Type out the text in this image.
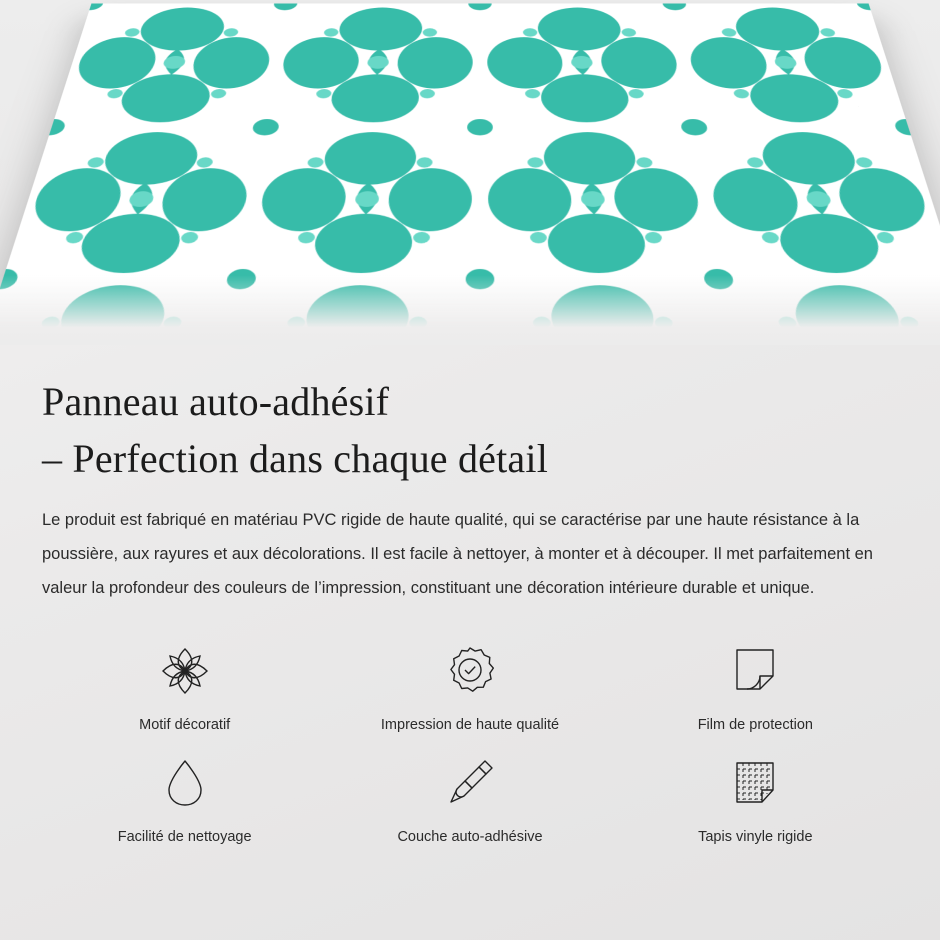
Panneau auto-adhésif
– Perfection dans chaque détail

Le produit est fabriqué en matériau PVC rigide de haute qualité, qui se caractérise par une haute résistance à la poussière, aux rayures et aux décolorations. Il est facile à nettoyer, à monter et à découper. Il met parfaitement en valeur la profondeur des couleurs de l’impression, constituant une décoration intérieure durable et unique.

Motif décoratif	Impression de haute qualité	Film de protection
Facilité de nettoyage	Couche auto-adhésive	Tapis vinyle rigide
